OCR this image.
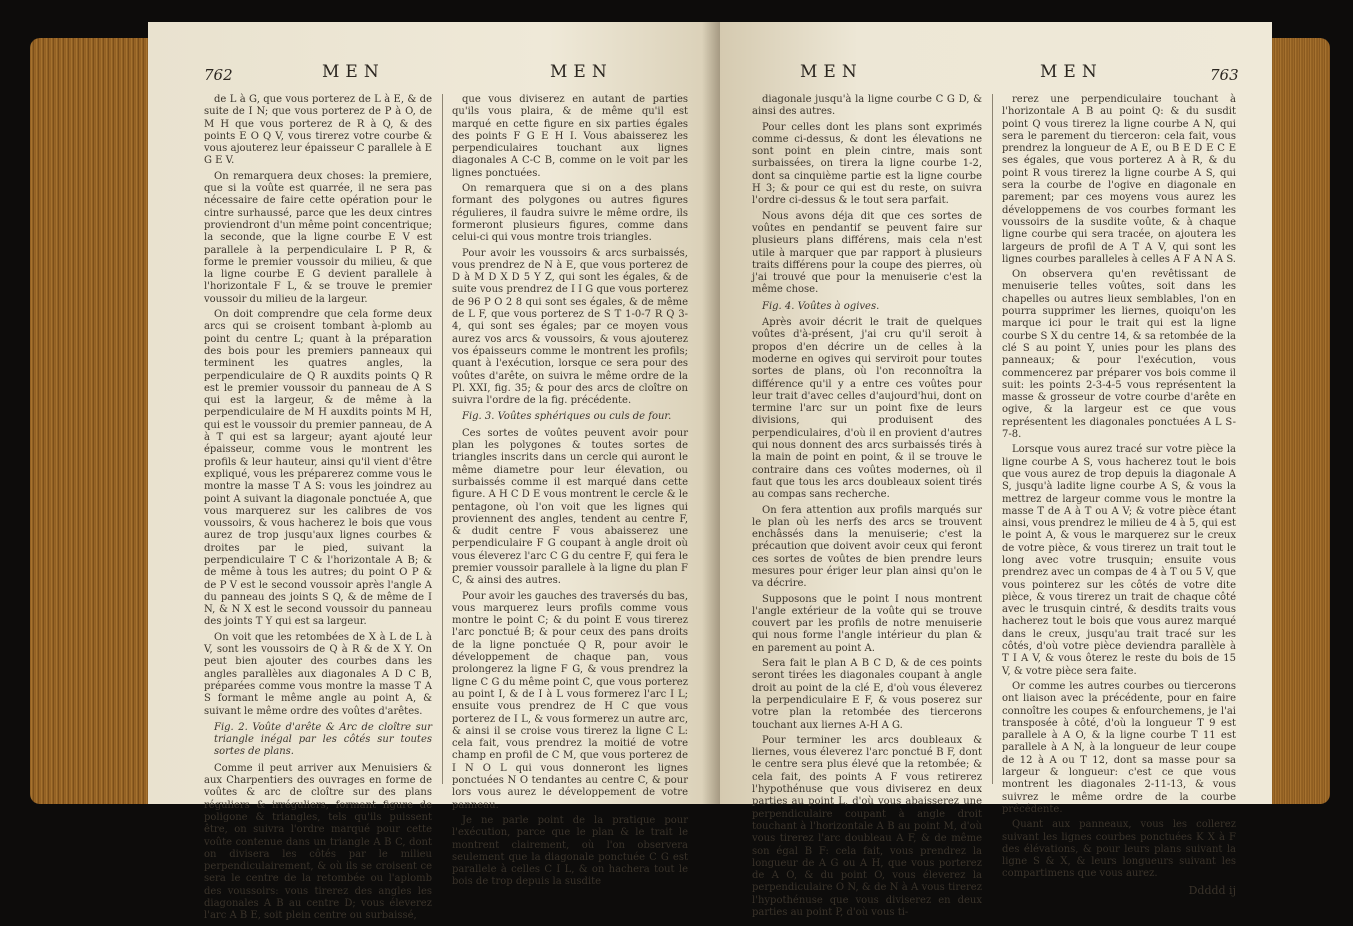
762	MEN	MEN

de L à G, que vous porterez de L à E, & de suite de I N; que vous porterez de P à O, de M H que vous porterez de R à Q, & des points E O Q V, vous tirerez votre courbe & vous ajouterez leur épaisseur C parallele à E G E V.

On remarquera deux choses: la premiere, que si la voûte est quarrée, il ne sera pas nécessaire de faire cette opération pour le cintre surhaussé, parce que les deux cintres proviendront d'un même point concentrique; la seconde, que la ligne courbe E V est parallele à la perpendiculaire L P R, & forme le premier voussoir du milieu, & que la ligne courbe E G devient parallele à l'horizontale F L, & se trouve le premier voussoir du milieu de la largeur.

On doit comprendre que cela forme deux arcs qui se croisent tombant à-plomb au point du centre L; quant à la préparation des bois pour les premiers panneaux qui terminent les quatres angles, la perpendiculaire de Q R auxdits points Q R est le premier voussoir du panneau de A S qui est la largeur, & de même à la perpendiculaire de M H auxdits points M H, qui est le voussoir du premier panneau, de A à T qui est sa largeur; ayant ajouté leur épaisseur, comme vous le montrent les profils & leur hauteur, ainsi qu'il vient d'être expliqué, vous les préparerez comme vous le montre la masse T A S: vous les joindrez au point A suivant la diagonale ponctuée A, que vous marquerez sur les calibres de vos voussoirs, & vous hacherez le bois que vous aurez de trop jusqu'aux lignes courbes & droites par le pied, suivant la perpendiculaire T C & l'horizontale A B; & de même à tous les autres; du point O P & de P V est le second voussoir après l'angle A du panneau des joints S Q, & de même de I N, & N X est le second voussoir du panneau des joints T Y qui est sa largeur.

On voit que les retombées de X à L de L à V, sont les voussoirs de Q à R & de X Y. On peut bien ajouter des courbes dans les angles parallèles aux diagonales A D C B, préparées comme vous montre la masse T A S formant le même angle au point A, & suivant le même ordre des voûtes d'arêtes.

Fig. 2. Voûte d'arête & Arc de cloître sur triangle inégal par les côtés sur toutes sortes de plans.

Comme il peut arriver aux Menuisiers & aux Charpentiers des ouvrages en forme de voûtes & arc de cloître sur des plans réguliers & irréguliers, formant figure de poligone & triangles, tels qu'ils puissent être, on suivra l'ordre marqué pour cette voûte contenue dans un triangle A B C, dont on divisera les côtés par le milieu perpendiculairement, & où ils se croisent ce sera le centre de la retombée ou l'aplomb des voussoirs: vous tirerez des angles les diagonales A B au centre D; vous éleverez l'arc A B E, soit plein centre ou surbaissé,

que vous diviserez en autant de parties qu'ils vous plaira, & de même qu'il est marqué en cette figure en six parties égales des points F G E H I. Vous abaisserez les perpendiculaires touchant aux lignes diagonales A C-C B, comme on le voit par les lignes ponctuées.

On remarquera que si on a des plans formant des polygones ou autres figures régulieres, il faudra suivre le même ordre, ils formeront plusieurs figures, comme dans celui-ci qui vous montre trois triangles.

Pour avoir les voussoirs & arcs surbaissés, vous prendrez de N à E, que vous porterez de D à M D X D 5 Y Z, qui sont les égales, & de suite vous prendrez de I I G que vous porterez de 96 P O 2 8 qui sont ses égales, & de même de L F, que vous porterez de S T 1-0-7 R Q 3-4, qui sont ses égales; par ce moyen vous aurez vos arcs & voussoirs, & vous ajouterez vos épaisseurs comme le montrent les profils; quant à l'exécution, lorsque ce sera pour des voûtes d'arête, on suivra le même ordre de la Pl. XXI, fig. 35; & pour des arcs de cloître on suivra l'ordre de la fig. précédente.

Fig. 3. Voûtes sphériques ou culs de four.

Ces sortes de voûtes peuvent avoir pour plan les polygones & toutes sortes de triangles inscrits dans un cercle qui auront le même diametre pour leur élevation, ou surbaissés comme il est marqué dans cette figure. A H C D E vous montrent le cercle & le pentagone, où l'on voit que les lignes qui proviennent des angles, tendent au centre F, & dudit centre F vous abaisserez une perpendiculaire F G coupant à angle droit où vous éleverez l'arc C G du centre F, qui fera le premier voussoir parallele à la ligne du plan F C, & ainsi des autres.

Pour avoir les gauches des traversés du bas, vous marquerez leurs profils comme vous montre le point C; & du point E vous tirerez l'arc ponctué B; & pour ceux des pans droits de la ligne ponctuée Q R, pour avoir le développement de chaque pan, vous prolongerez la ligne F G, & vous prendrez la ligne C G du même point C, que vous porterez au point I, & de I à L vous formerez l'arc I L; ensuite vous prendrez de H C que vous porterez de I L, & vous formerez un autre arc, & ainsi il se croise vous tirerez la ligne C L: cela fait, vous prendrez la moitié de votre champ en profil de C M, que vous porterez de I N O L qui vous donneront les lignes ponctuées N O tendantes au centre C, & pour lors vous aurez le développement de votre panneau.

Je ne parle point de la pratique pour l'exécution, parce que le plan & le trait le montrent clairement, où l'on observera seulement que la diagonale ponctuée C G est parallele à celles C I L, & on hachera tout le bois de trop depuis la susdite

MEN	MEN	763

diagonale jusqu'à la ligne courbe C G D, & ainsi des autres.

Pour celles dont les plans sont exprimés comme ci-dessus, & dont les élevations ne sont point en plein cintre, mais sont surbaissées, on tirera la ligne courbe 1-2, dont sa cinquième partie est la ligne courbe H 3; & pour ce qui est du reste, on suivra l'ordre ci-dessus & le tout sera parfait.

Nous avons déja dit que ces sortes de voûtes en pendantif se peuvent faire sur plusieurs plans différens, mais cela n'est utile à marquer que par rapport à plusieurs traits différens pour la coupe des pierres, où j'ai trouvé que pour la menuiserie c'est la même chose.

Fig. 4. Voûtes à ogives.

Après avoir décrit le trait de quelques voûtes d'à-présent, j'ai cru qu'il seroit à propos d'en décrire un de celles à la moderne en ogives qui serviroit pour toutes sortes de plans, où l'on reconnoîtra la différence qu'il y a entre ces voûtes pour leur trait d'avec celles d'aujourd'hui, dont on termine l'arc sur un point fixe de leurs divisions, qui produisent des perpendiculaires, d'où il en provient d'autres qui nous donnent des arcs surbaissés tirés à la main de point en point, & il se trouve le contraire dans ces voûtes modernes, où il faut que tous les arcs doubleaux soient tirés au compas sans recherche.

On fera attention aux profils marqués sur le plan où les nerfs des arcs se trouvent enchâssés dans la menuiserie; c'est la précaution que doivent avoir ceux qui feront ces sortes de voûtes de bien prendre leurs mesures pour ériger leur plan ainsi qu'on le va décrire.

Supposons que le point I nous montrent l'angle extérieur de la voûte qui se trouve couvert par les profils de notre menuiserie qui nous forme l'angle intérieur du plan & en parement au point A.

Sera fait le plan A B C D, & de ces points seront tirées les diagonales coupant à angle droit au point de la clé E, d'où vous éleverez la perpendiculaire E F, & vous poserez sur votre plan la retombée des tiercerons touchant aux liernes A-H A G.

Pour terminer les arcs doubleaux & liernes, vous éleverez l'arc ponctué B F, dont le centre sera plus élevé que la retombée; & cela fait, des points A F vous retirerez l'hypothénuse que vous diviserez en deux parties au point L, d'où vous abaisserez une perpendiculaire coupant à angle droit touchant à l'horizontale A B au point M, d'où vous tirerez l'arc doubleau A F, & de même son égal B F: cela fait, vous prendrez la longueur de A G ou A H, que vous porterez de A O, & du point O, vous éleverez la perpendiculaire O N, & de N à A vous tirerez l'hypothénuse que vous diviserez en deux parties au point P, d'où vous ti-

rerez une perpendiculaire touchant à l'horizontale A B au point Q: & du susdit point Q vous tirerez la ligne courbe A N, qui sera le parement du tierceron: cela fait, vous prendrez la longueur de A E, ou B E D E C E ses égales, que vous porterez A à R, & du point R vous tirerez la ligne courbe A S, qui sera la courbe de l'ogive en diagonale en parement; par ces moyens vous aurez les développemens de vos courbes formant les voussoirs de la susdite voûte, & à chaque ligne courbe qui sera tracée, on ajoutera les largeurs de profil de A T A V, qui sont les lignes courbes paralleles à celles A F A N A S.

On observera qu'en revêtissant de menuiserie telles voûtes, soit dans les chapelles ou autres lieux semblables, l'on en pourra supprimer les liernes, quoiqu'on les marque ici pour le trait qui est la ligne courbe S X du centre 14, & sa retombée de la clé S au point Y, unies pour les plans des panneaux; & pour l'exécution, vous commencerez par préparer vos bois comme il suit: les points 2-3-4-5 vous représentent la masse & grosseur de votre courbe d'arête en ogive, & la largeur est ce que vous représentent les diagonales ponctuées A L S-7-8.

Lorsque vous aurez tracé sur votre pièce la ligne courbe A S, vous hacherez tout le bois que vous aurez de trop depuis la diagonale A S, jusqu'à ladite ligne courbe A S, & vous la mettrez de largeur comme vous le montre la masse T de A à T ou A V; & votre pièce étant ainsi, vous prendrez le milieu de 4 à 5, qui est le point A, & vous le marquerez sur le creux de votre pièce, & vous tirerez un trait tout le long avec votre trusquin; ensuite vous prendrez avec un compas de 4 à T ou 5 V, que vous pointerez sur les côtés de votre dite pièce, & vous tirerez un trait de chaque côté avec le trusquin cintré, & desdits traits vous hacherez tout le bois que vous aurez marqué dans le creux, jusqu'au trait tracé sur les côtés, d'où votre pièce deviendra parallèle à T I A V, & vous ôterez le reste du bois de 15 V, & votre pièce sera faite.

Or comme les autres courbes ou tiercerons ont liaison avec la précédente, pour en faire connoître les coupes & enfourchemens, je l'ai transposée à côté, d'où la longueur T 9 est parallele à A O, & la ligne courbe T 11 est parallele à A N, à la longueur de leur coupe de 12 à A ou T 12, dont sa masse pour sa largeur & longueur: c'est ce que vous montrent les diagonales 2-11-13, & vous suivrez le même ordre de la courbe précédente.

Quant aux panneaux, vous les collerez suivant les lignes courbes ponctuées K X à F des élévations, & pour leurs plans suivant la ligne S & X, & leurs longueurs suivant les compartimens que vous aurez.

Ddddd ij
